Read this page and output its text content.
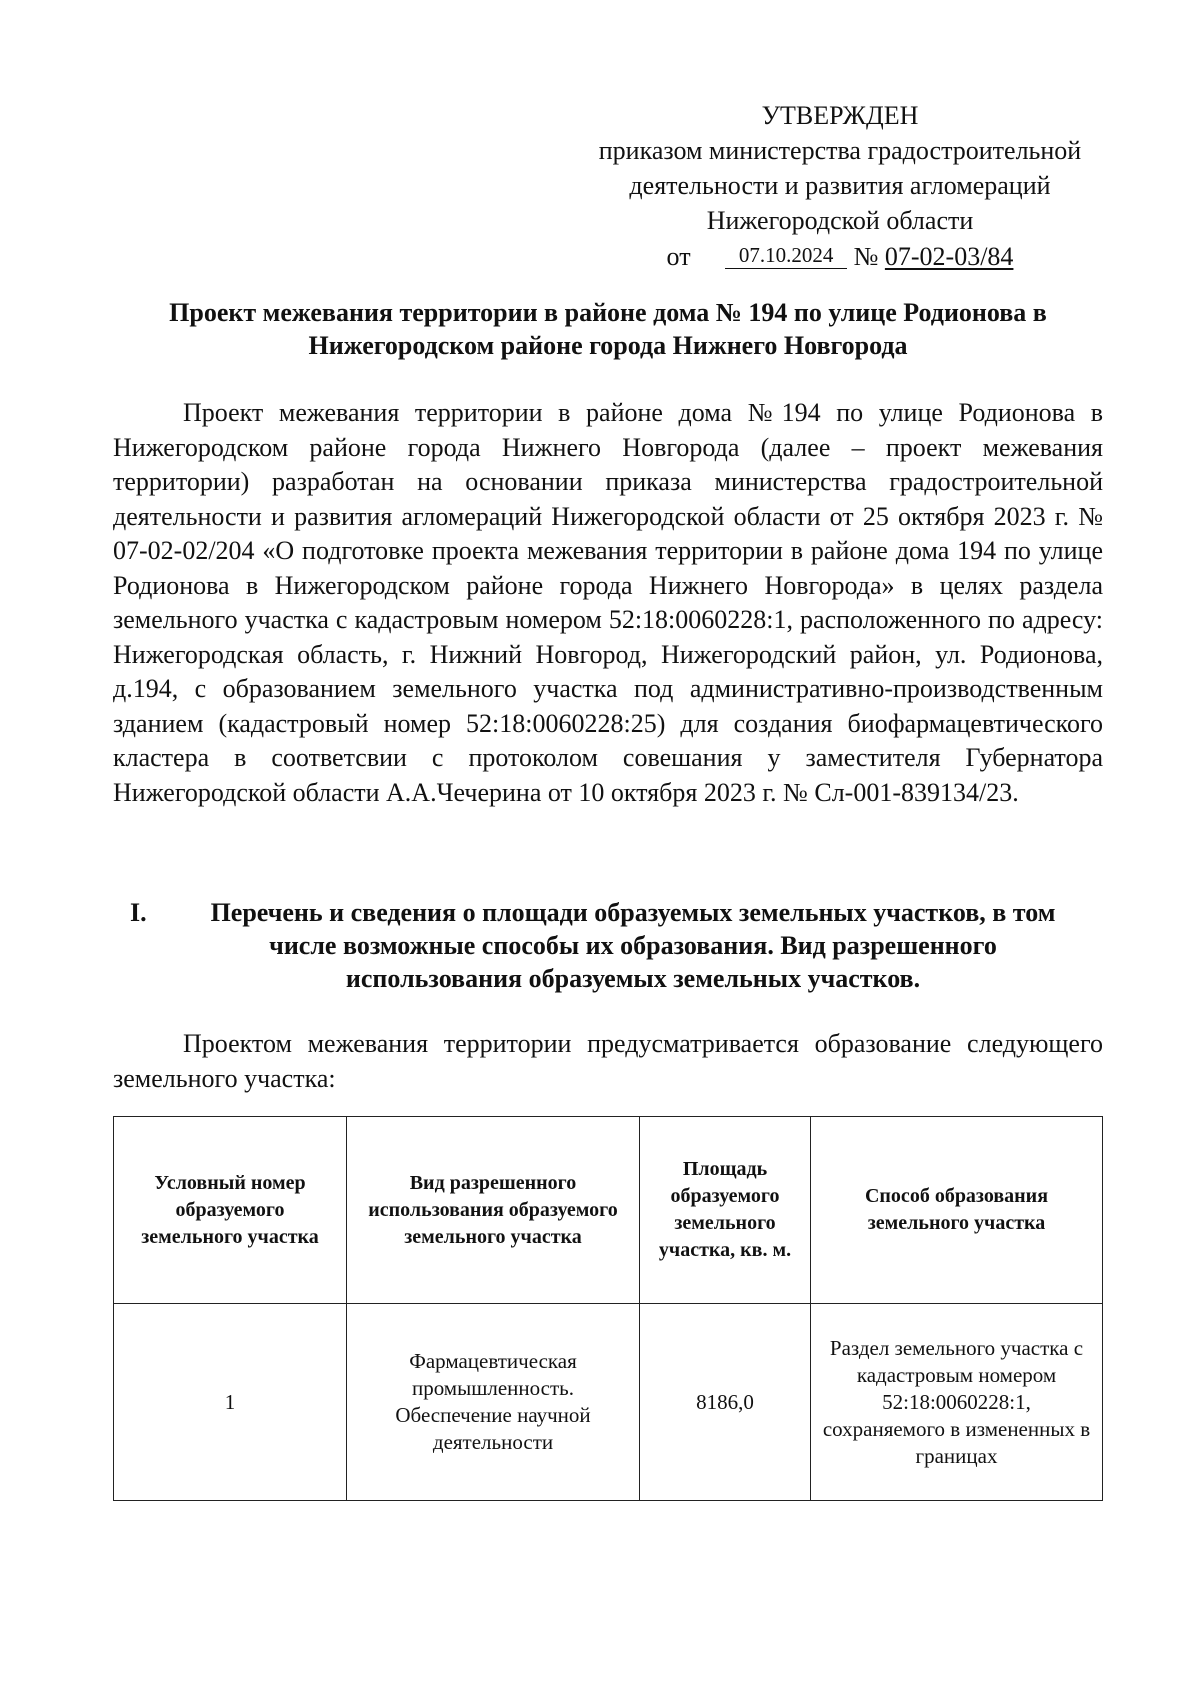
УТВЕРЖДЕН
приказом министерства градостроительной
деятельности и развития агломераций
Нижегородской области
от 07.10.2024 № 07-02-03/84
Проект межевания территории в районе дома № 194 по улице Родионова в
Нижегородском районе города Нижнего Новгорода

Проект межевания территории в районе дома №194 по улице Родионова в Нижегородском районе города Нижнего Новгорода (далее – проект межевания территории) разработан на основании приказа министерства градостроительной деятельности и развития агломераций Нижегородской области от 25 октября 2023 г. № 07-02-02/204 «О подготовке проекта межевания территории в районе дома 194 по улице Родионова в Нижегородском районе города Нижнего Новгорода» в целях раздела земельного участка с кадастровым номером 52:18:0060228:1, расположенного по адресу: Нижегородская область, г. Нижний Новгород, Нижегородский район, ул. Родионова, д.194, с образованием земельного участка под административно-производственным зданием (кадастровый номер 52:18:0060228:25) для создания биофармацевтического кластера в соответсвии с протоколом совешания у заместителя Губернатора Нижегородской области А.А.Чечерина от 10 октября 2023 г. № Сл-001-839134/23.

I.	Перечень и сведения о площади образуемых земельных участков, в том
числе возможные способы их образования. Вид разрешенного
использования образуемых земельных участков.

Проектом межевания территории предусматривается образование следующего земельного участка:

Условный номер образуемого земельного участка	Вид разрешенного использования образуемого земельного участка	Площадь образуемого земельного участка, кв. м.	Способ образования земельного участка
1	Фармацевтическая промышленность. Обеспечение научной деятельности	8186,0	Раздел земельного участка с кадастровым номером 52:18:0060228:1, сохраняемого в измененных в границах
